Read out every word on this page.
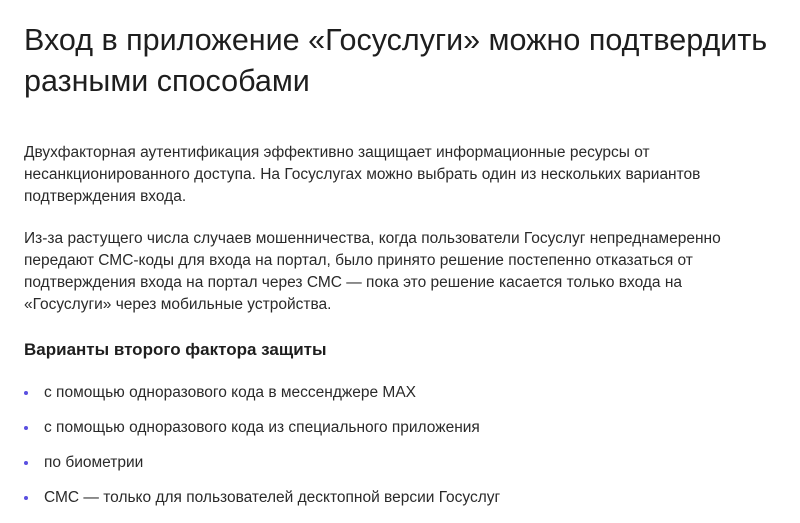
Вход в приложение «Госуслуги» можно подтвердить разными способами

Двухфакторная аутентификация эффективно защищает информационные ресурсы от несанкционированного доступа. На Госуслугах можно выбрать один из нескольких вариантов подтверждения входа.

Из-за растущего числа случаев мошенничества, когда пользователи Госуслуг непреднамеренно передают СМС-коды для входа на портал, было принято решение постепенно отказаться от подтверждения входа на портал через СМС — пока это решение касается только входа на «Госуслуги» через мобильные устройства.

Варианты второго фактора защиты
с помощью одноразового кода в мессенджере MAX
с помощью одноразового кода из специального приложения
по биометрии
СМС — только для пользователей десктопной версии Госуслуг
